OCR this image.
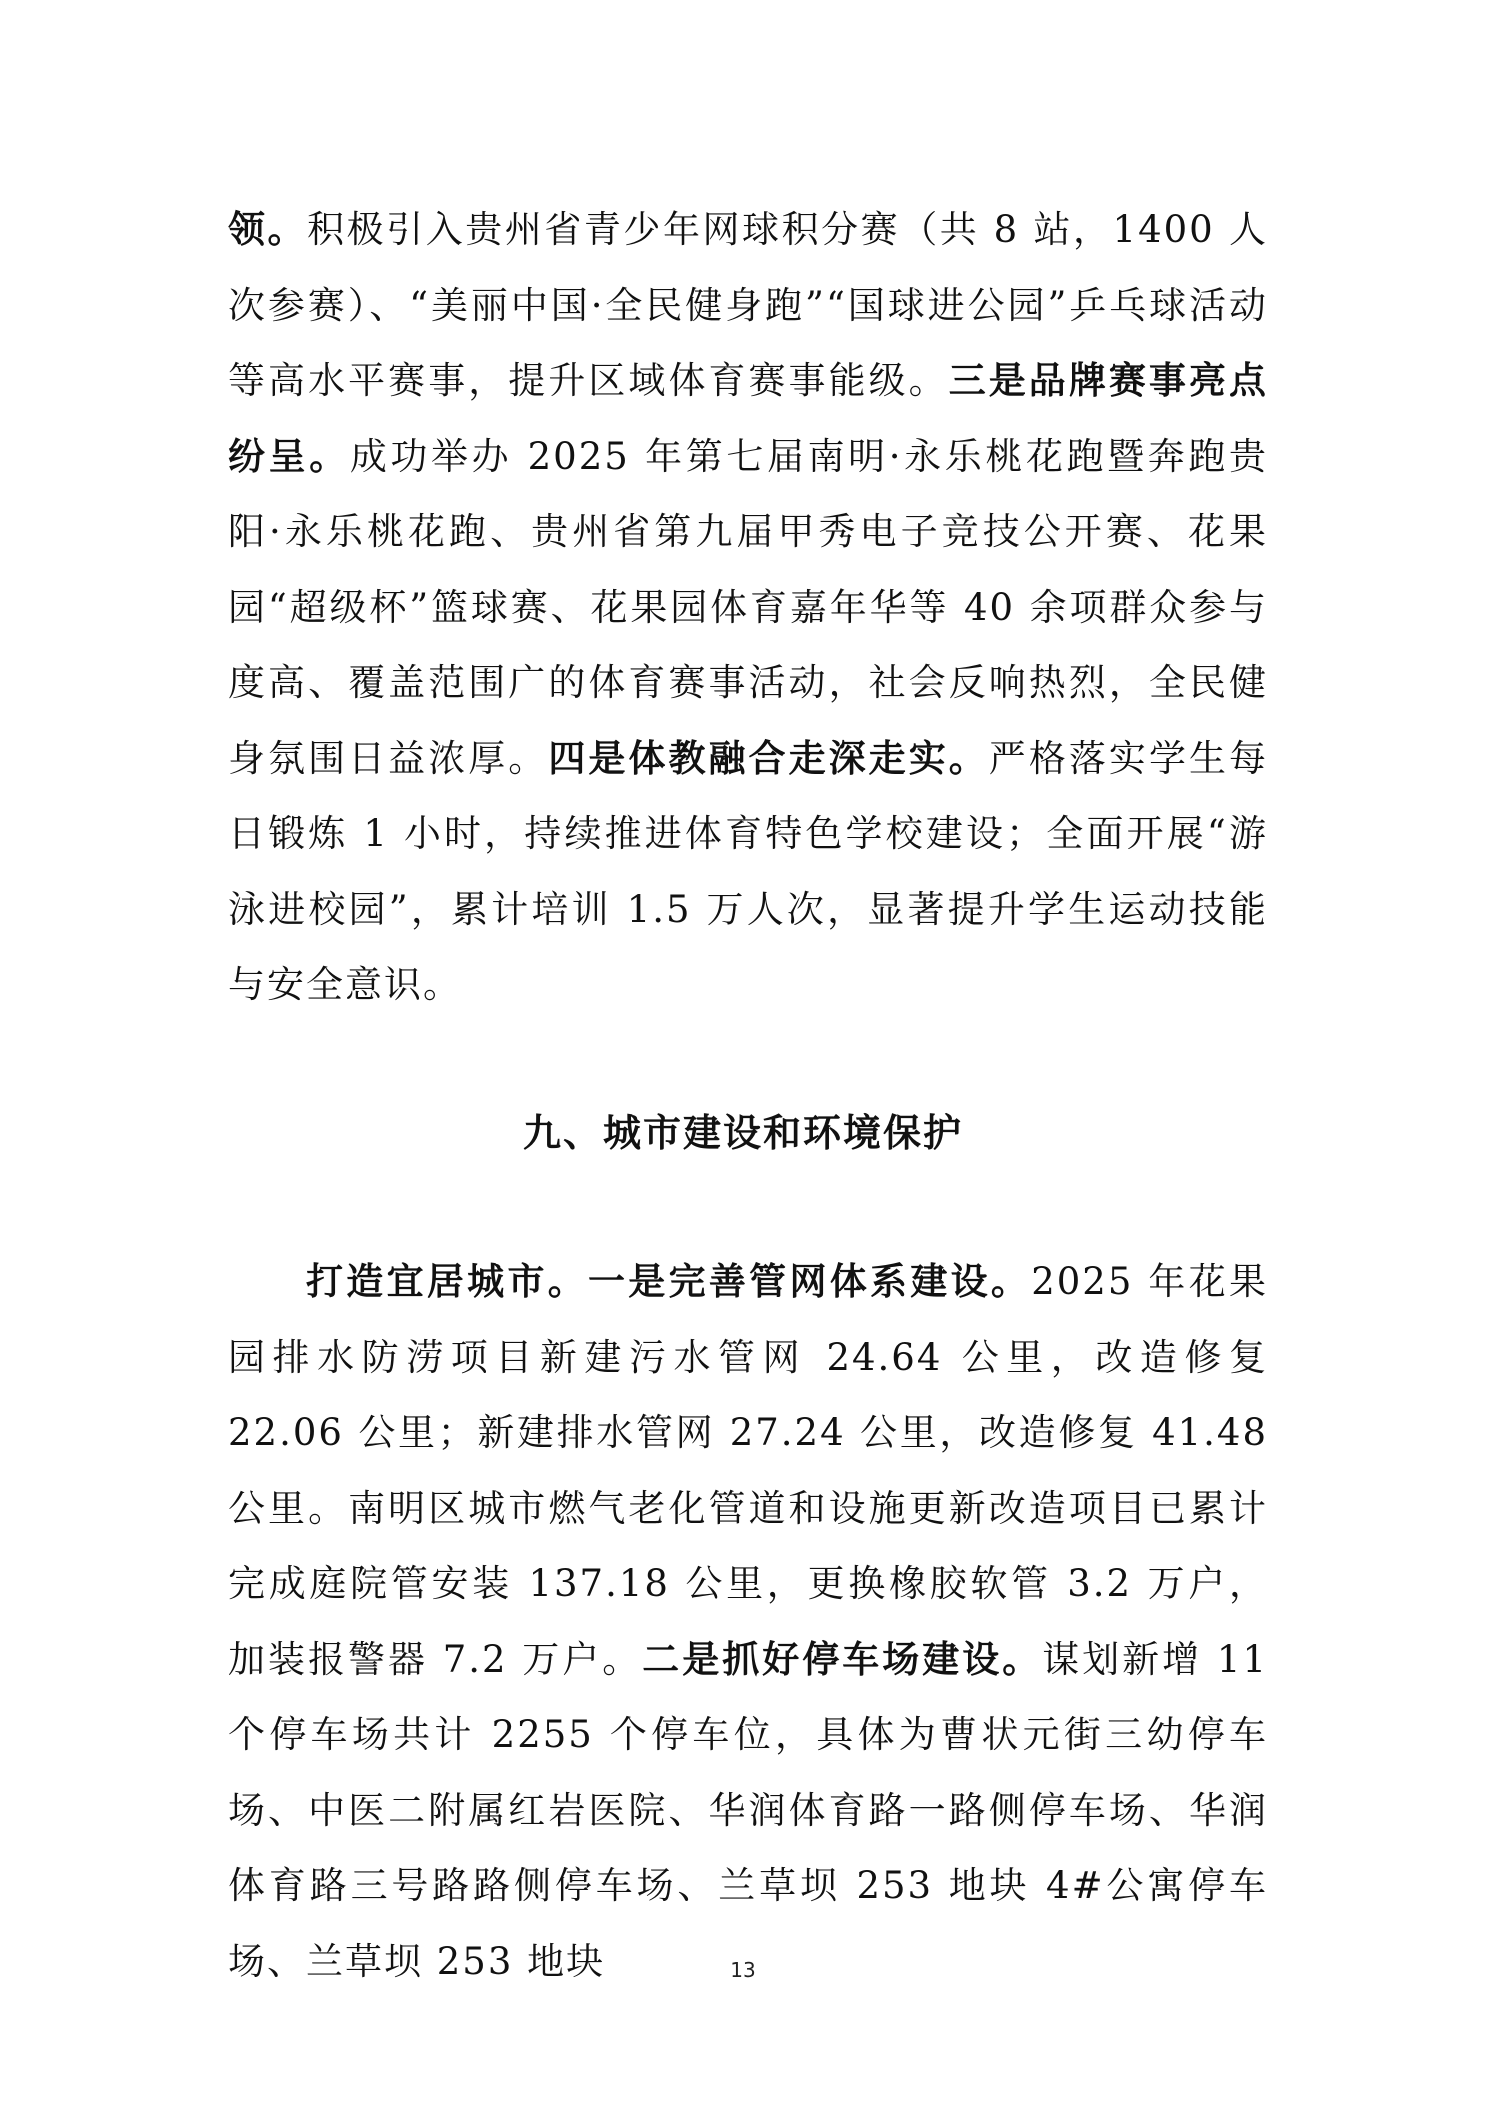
领。积极引入贵州省青少年网球积分赛（共 8 站，1400 人次参赛）、“美丽中国·全民健身跑”“国球进公园”乒乓球活动等高水平赛事，提升区域体育赛事能级。三是品牌赛事亮点纷呈。成功举办 2025 年第七届南明·永乐桃花跑暨奔跑贵阳·永乐桃花跑、贵州省第九届甲秀电子竞技公开赛、花果园“超级杯”篮球赛、花果园体育嘉年华等 40 余项群众参与度高、覆盖范围广的体育赛事活动，社会反响热烈，全民健身氛围日益浓厚。四是体教融合走深走实。严格落实学生每日锻炼 1 小时，持续推进体育特色学校建设；全面开展“游泳进校园”，累计培训 1.5 万人次，显著提升学生运动技能与安全意识。
九、城市建设和环境保护
打造宜居城市。一是完善管网体系建设。2025 年花果园排水防涝项目新建污水管网 24.64 公里，改造修复 22.06 公里；新建排水管网 27.24 公里，改造修复 41.48 公里。南明区城市燃气老化管道和设施更新改造项目已累计完成庭院管安装 137.18 公里，更换橡胶软管 3.2 万户，加装报警器 7.2 万户。二是抓好停车场建设。谋划新增 11 个停车场共计 2255 个停车位，具体为曹状元街三幼停车场、中医二附属红岩医院、华润体育路一路侧停车场、华润体育路三号路路侧停车场、兰草坝 253 地块 4#公寓停车场、兰草坝 253 地块	13
